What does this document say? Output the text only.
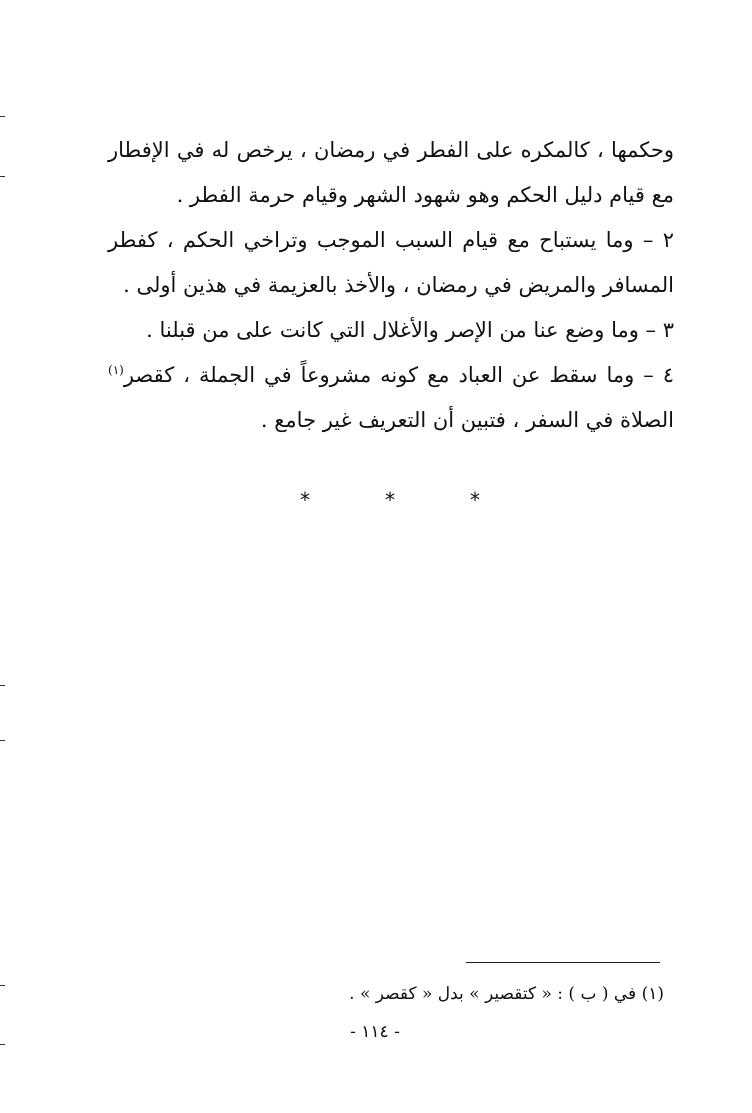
وحكمها ، كالمكره على الفطر في رمضان ، يرخص له في الإفطار مع قيام دليل الحكم وهو شهود الشهر وقيام حرمة الفطر .

٢ – وما يستباح مع قيام السبب الموجب وتراخي الحكم ، كفطر المسافر والمريض في رمضان ، والأخذ بالعزيمة في هذين أولى .

٣ – وما وضع عنا من الإصر والأغلال التي كانت على من قبلنا .

٤ – وما سقط عن العباد مع كونه مشروعاً في الجملة ، كقصر$^{(١)}$ الصلاة في السفر ، فتبين أن التعريف غير جامع .

*	*	*
(١) في ( ب ) : « كتقصير » بدل « كقصر » .
- ١١٤ -
